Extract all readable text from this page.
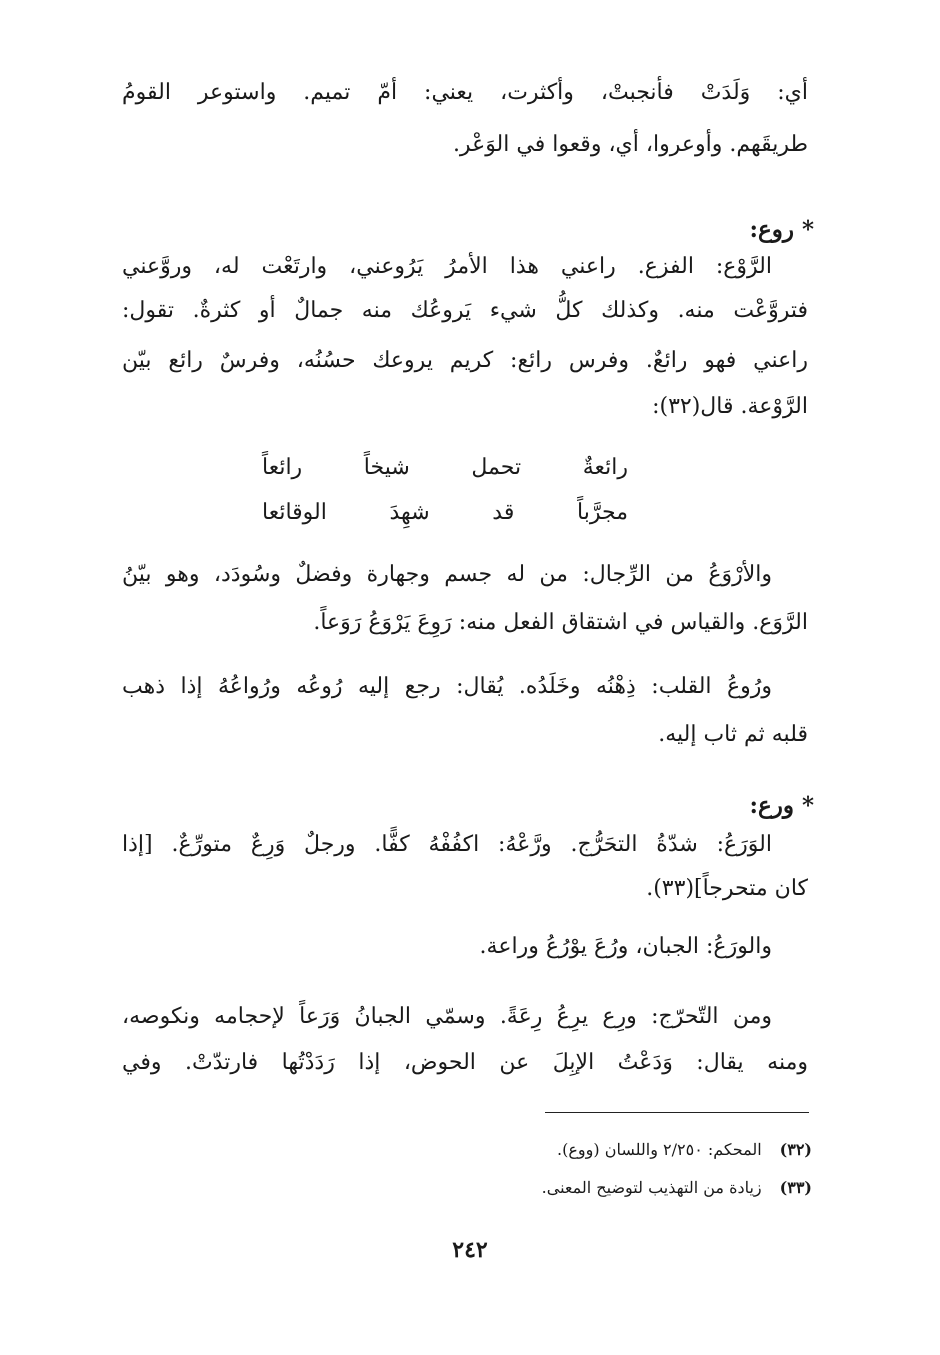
أي: وَلَدَتْ فأنجبتْ، وأكثرت، يعني: أمّ تميم. واستوعر القومُ
طريقَهم. وأوعروا، أي، وقعوا في الوَعْر.
* روع:
الرَّوْع: الفزع. راعني هذا الأمرُ يَرُوعني، وارتَعْت له، وروَّعني
فتروَّعْت منه. وكذلك كلُّ شيء يَروعُك منه جمالٌ أو كثرةٌ. تقول:
راعني فهو رائعٌ. وفرس رائع: كريم يروعك حسُنُه، وفرسٌ رائع بيّن
الرَّوْعة. قال(٣٢):
رائعةٌ تحمل شيخاً رائعاً
مجرَّباً قد شهِدَ الوقائعا
والأرْوَعُ من الرِّجال: من له جسم وجهارة وفضلٌ وسُودَد، وهو بيّنُ
الرَّوَع. والقياس في اشتقاق الفعل منه: رَوِعَ يَرْوَعُ رَوَعاً.
ورُوعُ القلب: ذِهْنُه وخَلَدُه. يُقال: رجع إليه رُوعُه ورُواعُهُ إذا ذهب
قلبه ثم ثاب إليه.
* ورع:
الوَرَعُ: شدّةُ التحَرُّج. ورَّعْهُ: اكفُفْهُ كفًّا. ورجلٌ وَرِعٌ متورِّعٌ. [إذا
كان متحرجاً](٣٣).
والورَعُ: الجبان، ورُعَ يوْرُعُ وراعة.
ومن التّحرّج: ورِع يرِعُ رِعَةً. وسمّي الجبانُ وَرَعاً لإحجامه ونكوصه،
ومنه يقال: وَدَعْتُ الإبِلَ عن الحوض، إذا رَدَدْتُها فارتدّتْ. وفي
(٣٢)المحكم: ٢/٢٥٠ واللسان (ووع).
(٣٣)زيادة من التهذيب لتوضيح المعنى.
٢٤٢
